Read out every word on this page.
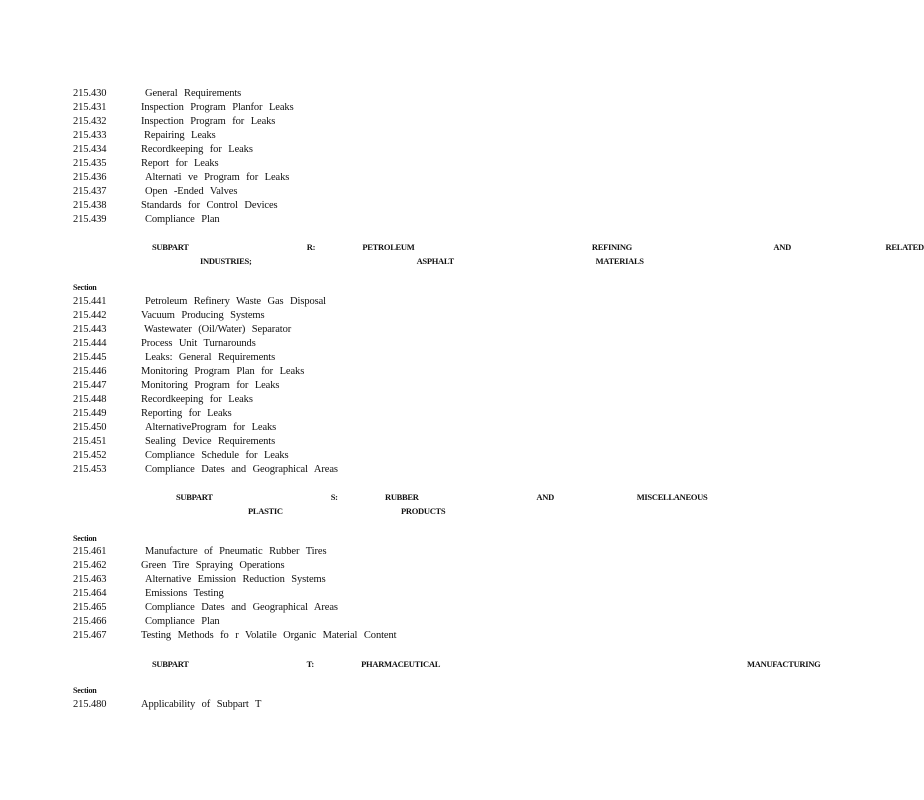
215.430	General Requirements
215.431	Inspection Program Planfor Leaks
215.432	Inspection Program for Leaks
215.433	Repairing Leaks
215.434	Recordkeeping for Leaks
215.435	Report for Leaks
215.436	Alternati ve Program for Leaks
215.437	Open -Ended Valves
215.438	Standards for Control Devices
215.439	Compliance Plan

SUBPART          R:    PETROLEUM               REFINING            AND        RELATED

INDUSTRIES;              ASPHALT            MATERIALS

Section
215.441	Petroleum Refinery Waste Gas Disposal
215.442	Vacuum Producing Systems
215.443	Wastewater (Oil/Water) Separator
215.444	Process Unit Turnarounds
215.445	Leaks: General Requirements
215.446	Monitoring Program Plan for Leaks
215.447	Monitoring Program for Leaks
215.448	Recordkeeping for Leaks
215.449	Reporting for Leaks
215.450	AlternativeProgram for Leaks
215.451	Sealing Device Requirements
215.452	Compliance Schedule for Leaks
215.453	Compliance Dates and Geographical Areas

SUBPART          S:    RUBBER          AND       MISCELLANEOUS

PLASTIC          PRODUCTS

Section
215.461	Manufacture of Pneumatic Rubber Tires
215.462	Green Tire Spraying Operations
215.463	Alternative Emission Reduction Systems
215.464	Emissions Testing
215.465	Compliance Dates and Geographical Areas
215.466	Compliance Plan
215.467	Testing Methods fo r Volatile Organic Material Content

SUBPART          T:    PHARMACEUTICAL                          MANUFACTURING

Section
215.480	Applicability of Subpart T
